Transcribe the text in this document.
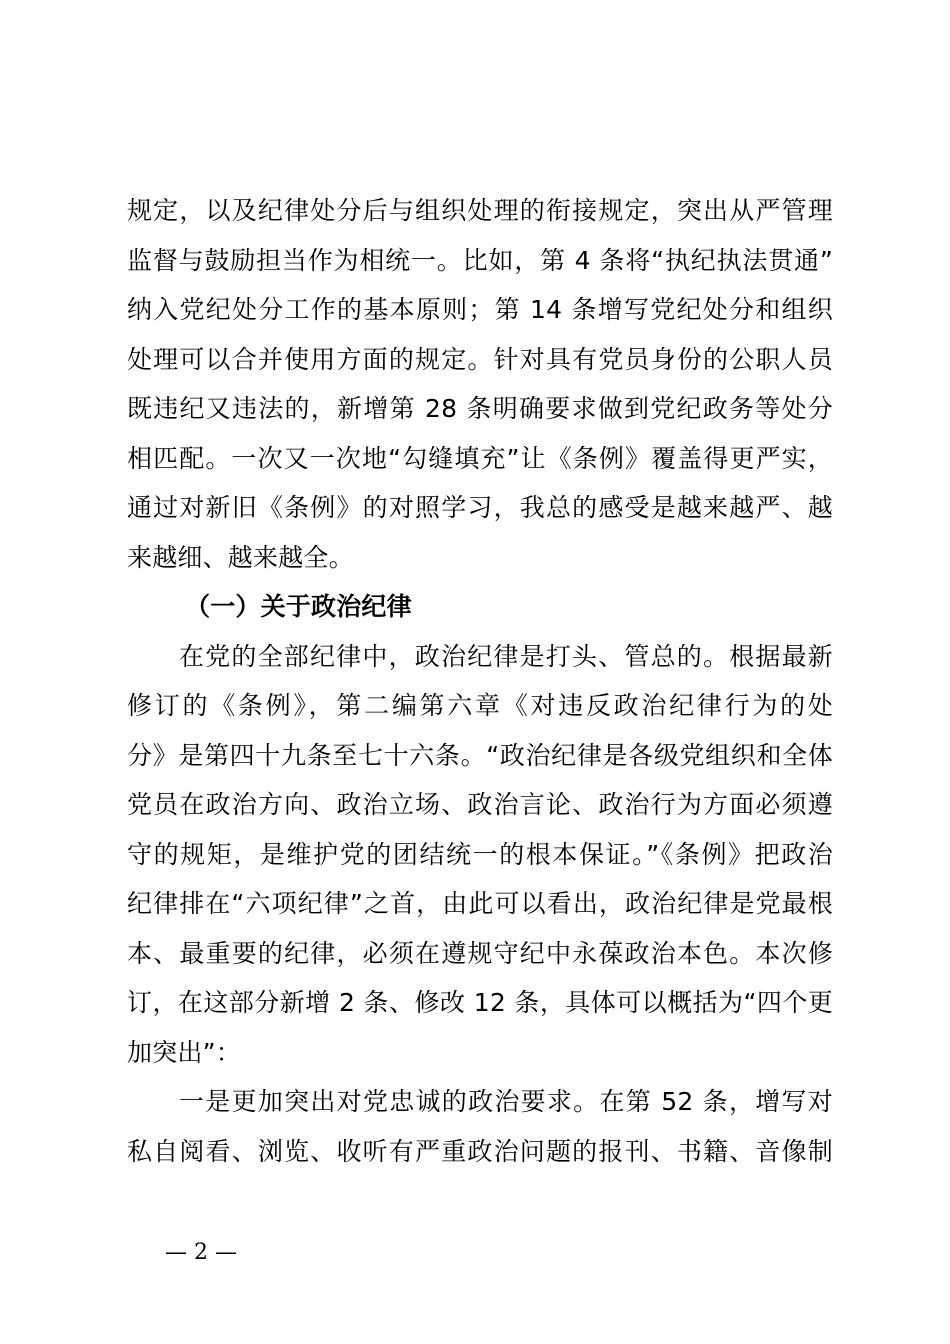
规定，以及纪律处分后与组织处理的衔接规定，突出从严管理
监督与鼓励担当作为相统一。比如，第 4 条将“执纪执法贯通”
纳入党纪处分工作的基本原则；第 14 条增写党纪处分和组织
处理可以合并使用方面的规定。针对具有党员身份的公职人员
既违纪又违法的，新增第 28 条明确要求做到党纪政务等处分
相匹配。一次又一次地“勾缝填充”让《条例》覆盖得更严实，
通过对新旧《条例》的对照学习，我总的感受是越来越严、越
来越细、越来越全。
（一）关于政治纪律
在党的全部纪律中，政治纪律是打头、管总的。根据最新
修订的《条例》，第二编第六章《对违反政治纪律行为的处
分》是第四十九条至七十六条。“政治纪律是各级党组织和全体
党员在政治方向、政治立场、政治言论、政治行为方面必须遵
守的规矩，是维护党的团结统一的根本保证。”《条例》把政治
纪律排在“六项纪律”之首，由此可以看出，政治纪律是党最根
本、最重要的纪律，必须在遵规守纪中永葆政治本色。本次修
订，在这部分新增 2 条、修改 12 条，具体可以概括为“四个更
加突出”：
一是更加突出对党忠诚的政治要求。在第 52 条，增写对
私自阅看、浏览、收听有严重政治问题的报刊、书籍、音像制
— 2 —
